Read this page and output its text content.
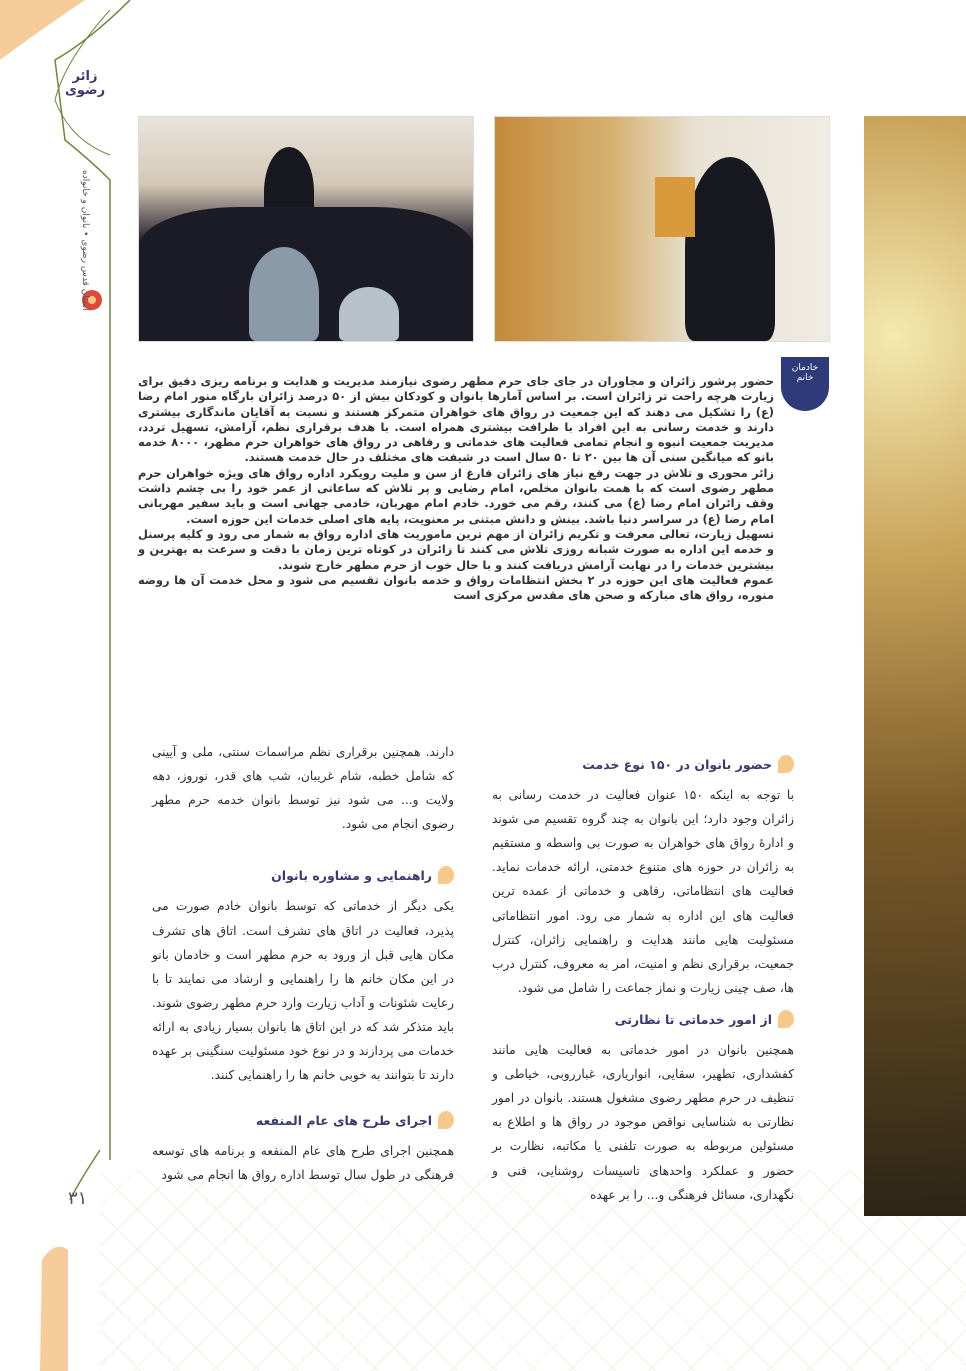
زائر رضوی
آستان قدس رضوی • بانوان و خانواده
۳۱
خادمان
خانم

حضور پرشور زائران و مجاوران در جای جای حرم مطهر رضوی نیازمند مدیریت و هدایت و برنامه ریزی دقیق برای زیارت هرچه راحت تر زائران است. بر اساس آمارها بانوان و کودکان بیش از ۵۰ درصد زائران بارگاه منور امام رضا (ع) را تشکیل می دهند که این جمعیت در رواق های خواهران متمرکز هستند و نسبت به آقایان ماندگاری بیشتری دارند و خدمت رسانی به این افراد با ظرافت بیشتری همراه است. با هدف برقراری نظم، آرامش، تسهیل تردد، مدیریت جمعیت انبوه و انجام تمامی فعالیت های خدماتی و رفاهی در رواق های خواهران حرم مطهر، ۸۰۰۰ خدمه بانو که میانگین سنی آن ها بین ۲۰ تا ۵۰ سال است در شیفت های مختلف در حال خدمت هستند.

زائر محوری و تلاش در جهت رفع نیاز های زائران فارغ از سن و ملیت رویکرد اداره رواق های ویژه خواهران حرم مطهر رضوی است که با همت بانوان مخلص، امام رضایی و پر تلاش که ساعاتی از عمر خود را بی چشم داشت وقف زائران امام رضا (ع) می کنند، رقم می خورد. خادم امام مهربان، خادمی جهانی است و باید سفیر مهربانی امام رضا (ع) در سراسر دنیا باشد. بینش و دانش مبتنی بر معنویت، پایه های اصلی خدمات این حوزه است.

تسهیل زیارت، تعالی معرفت و تکریم زائران از مهم ترین ماموریت های اداره رواق به شمار می رود و کلیه پرسنل و خدمه این اداره به صورت شبانه روزی تلاش می کنند تا زائران در کوتاه ترین زمان با دقت و سرعت به بهترین و بیشترین خدمات را در نهایت آرامش دریافت کنند و با حال خوب از حرم مطهر خارج شوند.

عموم فعالیت های این حوزه در ۲ بخش انتظامات رواق و خدمه بانوان تقسیم می شود و محل خدمت آن ها روضه منوره، رواق های مبارکه و صحن های مقدس مرکزی است

حضور بانوان در ۱۵۰ نوع خدمت

با توجه به اینکه ۱۵۰ عنوان فعالیت در خدمت رسانی به زائران وجود دارد؛ این بانوان به چند گروه تقسیم می شوند و ادارۀ رواق های خواهران به صورت بی واسطه و مستقیم به زائران در حوزه های متنوع خدمتی، ارائه خدمات نماید. فعالیت های انتظاماتی، رفاهی و خدماتی از عمده ترین فعالیت های این اداره به شمار می رود. امور انتظاماتی مسئولیت هایی مانند هدایت و راهنمایی زائران، کنترل جمعیت، برقراری نظم و امنیت، امر به معروف، کنترل درب ها، صف چینی زیارت و نماز جماعت را شامل می شود.

از امور خدماتی تا نظارتی

همچنین بانوان در امور خدماتی به فعالیت هایی مانند کفشداری، تطهیر، سقایی، انواریاری، غبارروبی، خیاطی و تنظیف در حرم مطهر رضوی مشغول هستند. بانوان در امور نظارتی به شناسایی نواقص موجود در رواق ها و اطلاع به مسئولین مربوطه به صورت تلفنی یا مکاتبه، نظارت بر حضور و عملکرد واحدهای تاسیسات روشنایی، فنی و نگهداری، مسائل فرهنگی و... را بر عهده

دارند. همچنین برقراری نظم مراسمات سنتی، ملی و آیینی که شامل خطبه، شام غریبان، شب های قدر، نوروز، دهه ولایت و... می شود نیز توسط بانوان خدمه حرم مطهر رضوی انجام می شود.

راهنمایی و مشاوره بانوان

یکی دیگر از خدماتی که توسط بانوان خادم صورت می پذیرد، فعالیت در اتاق های تشرف است. اتاق های تشرف مکان هایی قبل از ورود به حرم مطهر است و خادمان بانو در این مکان خانم ها را راهنمایی و ارشاد می نمایند تا با رعایت شئونات و آداب زیارت وارد حرم مطهر رضوی شوند. باید متذکر شد که در این اتاق ها بانوان بسیار زیادی به ارائه خدمات می پردازند و در نوع خود مسئولیت سنگینی بر عهده دارند تا بتوانند به خوبی خانم ها را راهنمایی کنند.

اجرای طرح های عام المنفعه

همچنین اجرای طرح های عام المنفعه و برنامه های توسعه فرهنگی در طول سال توسط اداره رواق ها انجام می شود
